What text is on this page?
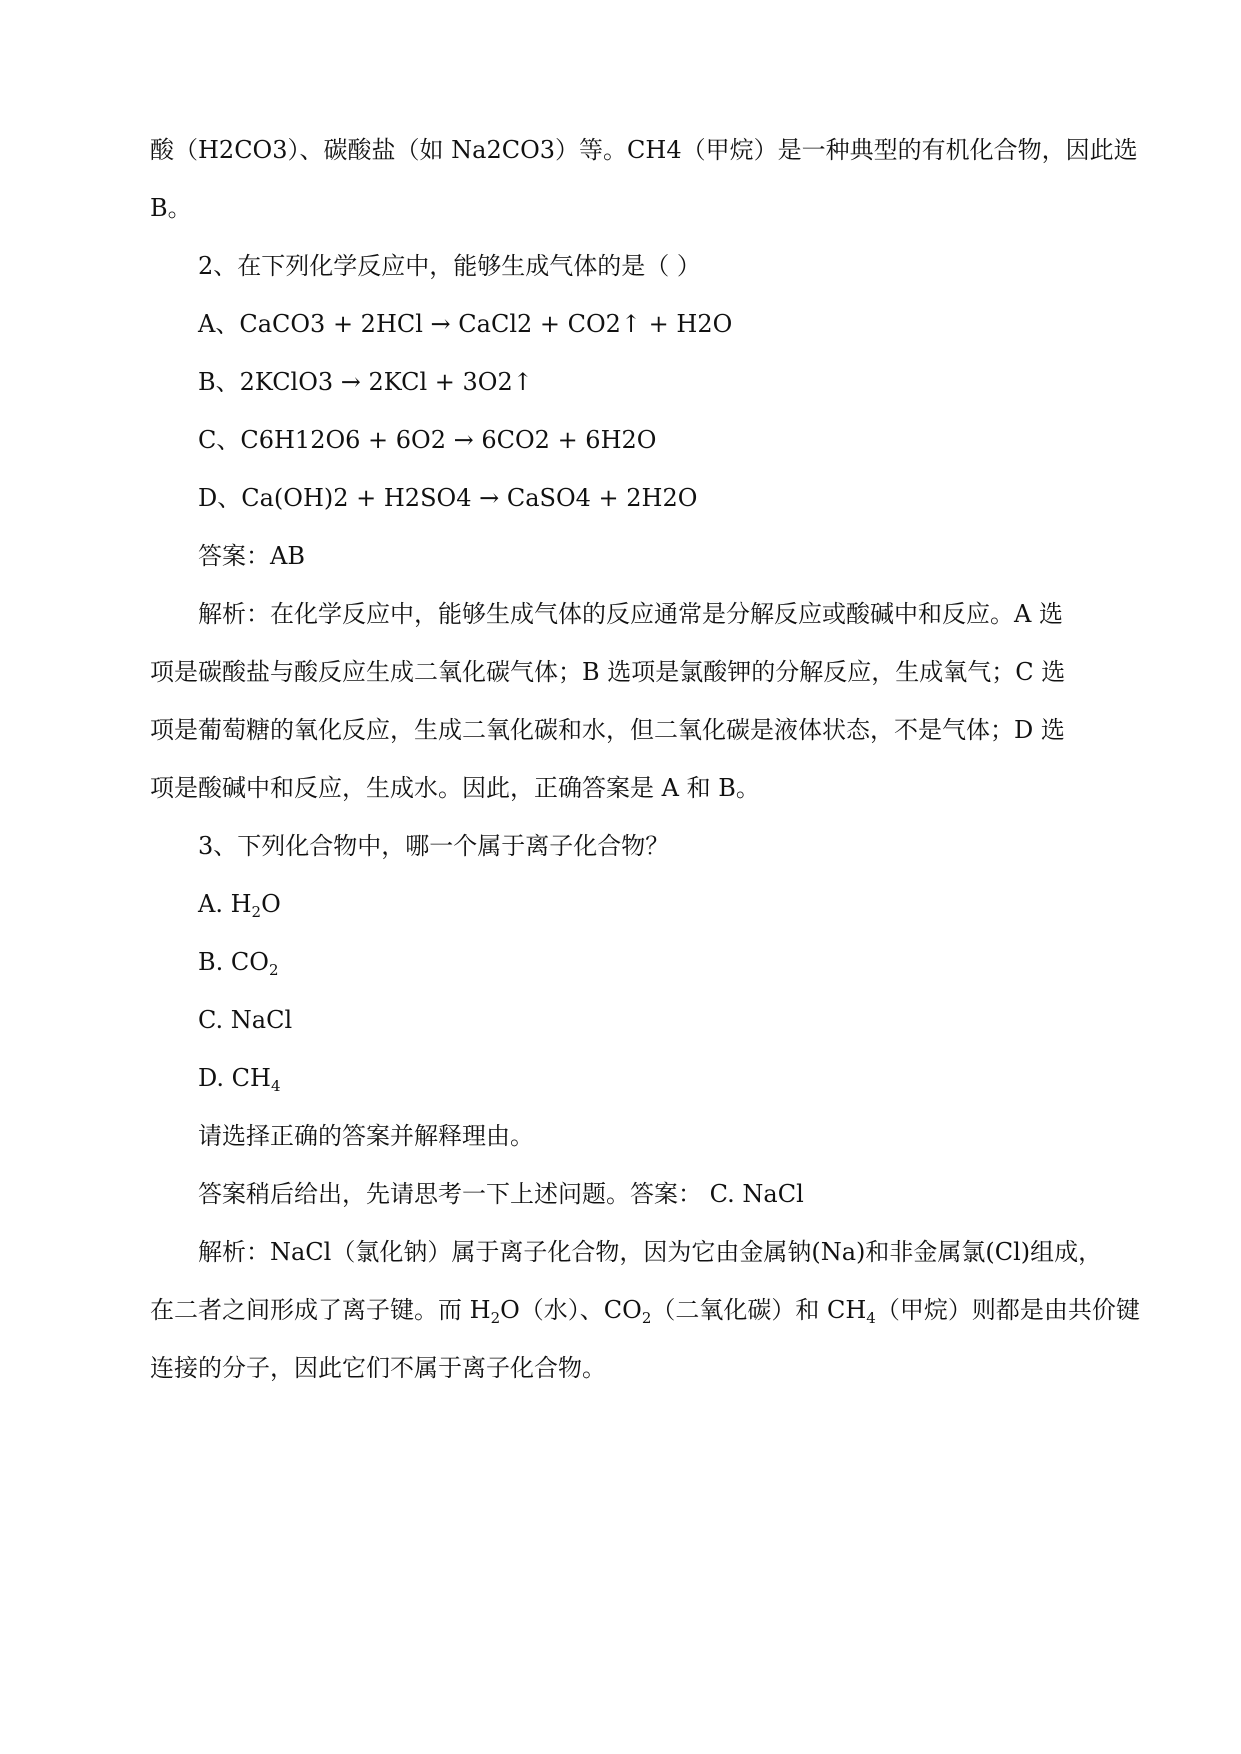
酸（H2CO3）、碳酸盐（如 Na2CO3）等。CH4（甲烷）是一种典型的有机化合物，因此选
B。
2、在下列化学反应中，能够生成气体的是（ ）
A、CaCO3 + 2HCl → CaCl2 + CO2↑ + H2O
B、2KClO3 → 2KCl + 3O2↑
C、C6H12O6 + 6O2 → 6CO2 + 6H2O
D、Ca(OH)2 + H2SO4 → CaSO4 + 2H2O
答案：AB
解析：在化学反应中，能够生成气体的反应通常是分解反应或酸碱中和反应。A 选
项是碳酸盐与酸反应生成二氧化碳气体；B 选项是氯酸钾的分解反应，生成氧气；C 选
项是葡萄糖的氧化反应，生成二氧化碳和水，但二氧化碳是液体状态，不是气体；D 选
项是酸碱中和反应，生成水。因此，正确答案是 A 和 B。
3、下列化合物中，哪一个属于离子化合物？
A. $H_2O$
B. $CO_2$
C. NaCl
D. $CH_4$
请选择正确的答案并解释理由。
答案稍后给出，先请思考一下上述问题。答案： C. NaCl
解析：NaCl（氯化钠）属于离子化合物，因为它由金属钠(Na)和非金属氯(Cl)组成，
在二者之间形成了离子键。而 $H_2O$（水）、$CO_2$（二氧化碳）和 $CH_4$（甲烷）则都是由共价键
连接的分子，因此它们不属于离子化合物。
